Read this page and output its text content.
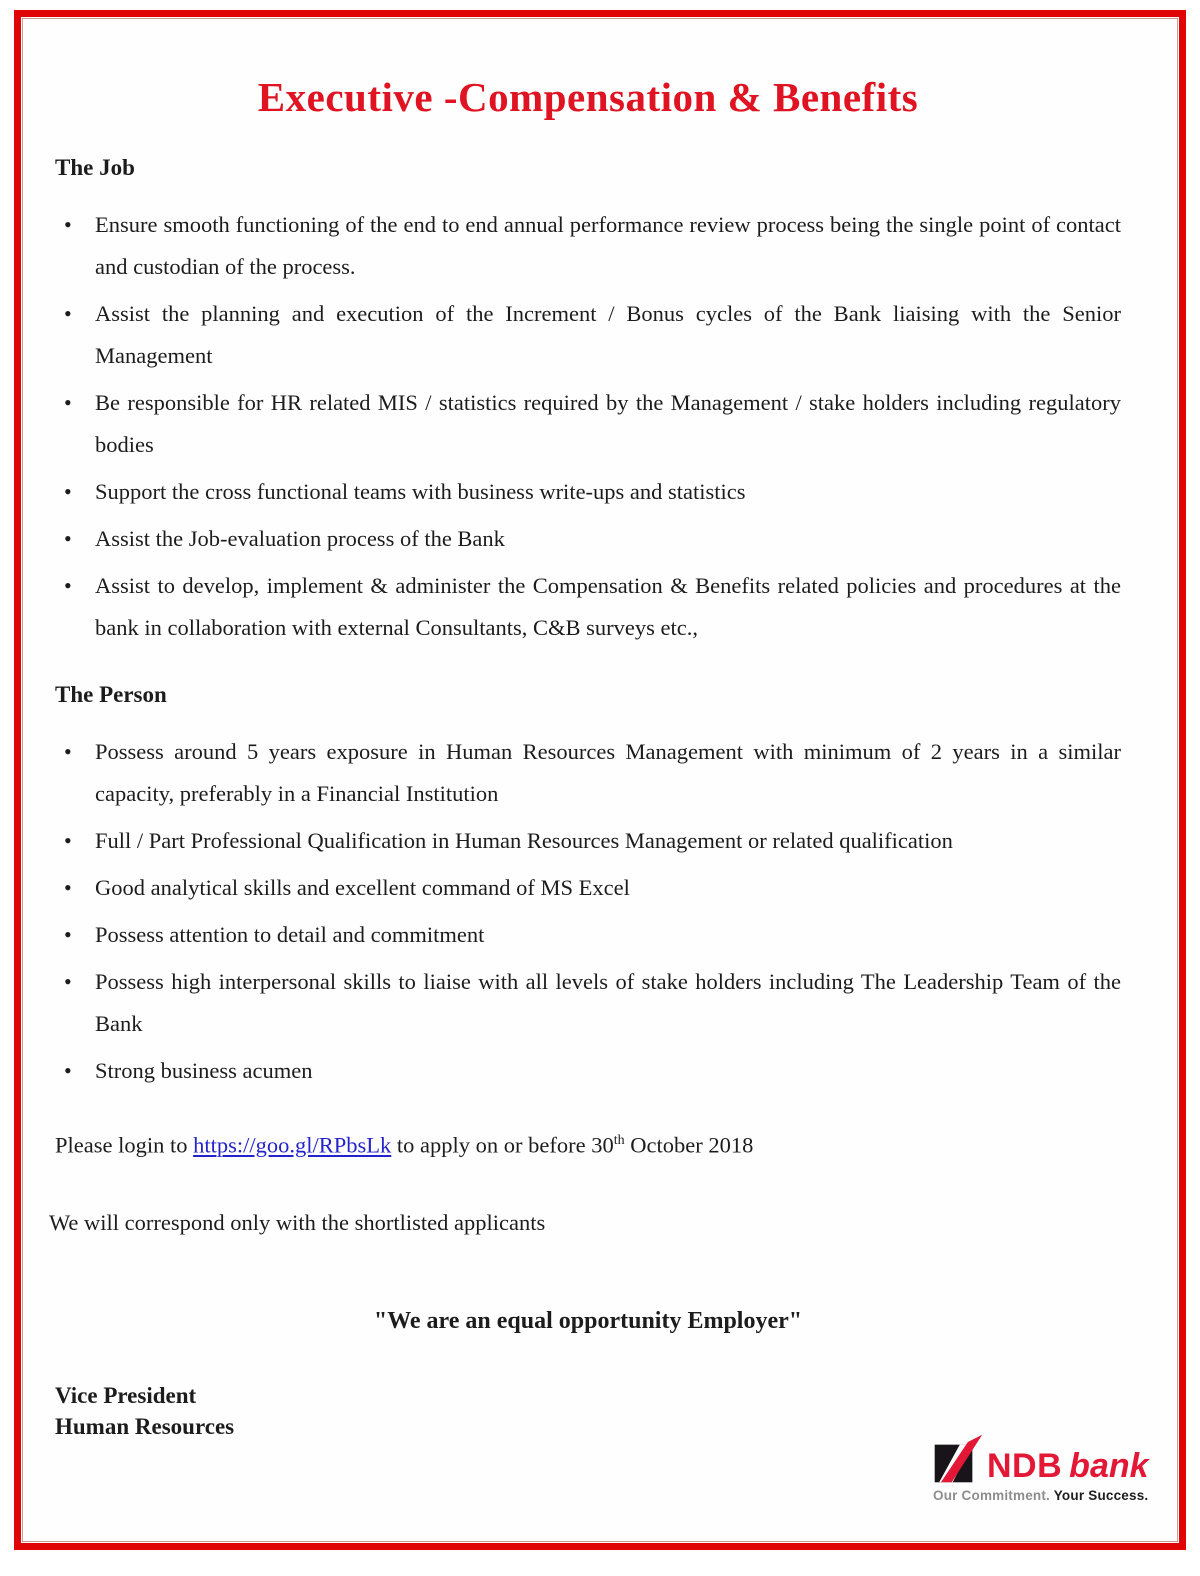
Executive -Compensation & Benefits
The Job
• Ensure smooth functioning of the end to end annual performance review process being the single point of contact and custodian of the process.
• Assist the planning and execution of the Increment / Bonus cycles of the Bank liaising with the Senior Management
• Be responsible for HR related MIS / statistics required by the Management / stake holders including regulatory bodies
• Support the cross functional teams with business write-ups and statistics
• Assist the Job-evaluation process of the Bank
• Assist to develop, implement & administer the Compensation & Benefits related policies and procedures at the bank in collaboration with external Consultants, C&B surveys etc.,
The Person
• Possess around 5 years exposure in Human Resources Management with minimum of 2 years in a similar capacity, preferably in a Financial Institution
• Full / Part Professional Qualification in Human Resources Management or related qualification
• Good analytical skills and excellent command of MS Excel
• Possess attention to detail and commitment
• Possess high interpersonal skills to liaise with all levels of stake holders including The Leadership Team of the Bank
• Strong business acumen

Please login to https://goo.gl/RPbsLk to apply on or before 30th October 2018

We will correspond only with the shortlisted applicants

"We are an equal opportunity Employer"

Vice President
Human Resources
NDB bank
Our Commitment. Your Success.
